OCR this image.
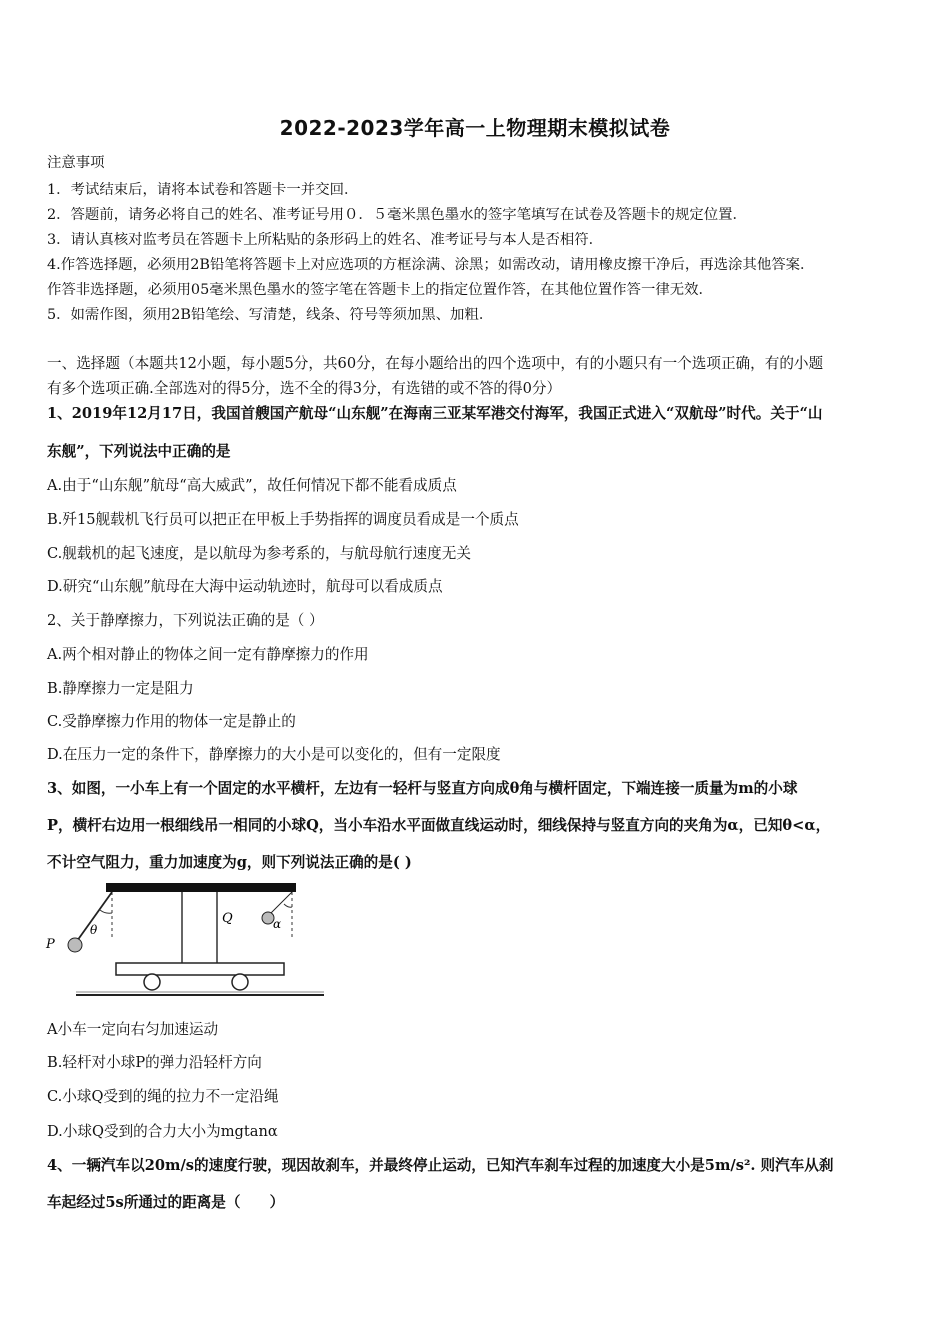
2022-2023学年高一上物理期末模拟试卷
注意事项
1．考试结束后，请将本试卷和答题卡一并交回．
2．答题前，请务必将自己的姓名、准考证号用０．５毫米黑色墨水的签字笔填写在试卷及答题卡的规定位置．
3．请认真核对监考员在答题卡上所粘贴的条形码上的姓名、准考证号与本人是否相符．
4.作答选择题，必须用2B铅笔将答题卡上对应选项的方框涂满、涂黑；如需改动，请用橡皮擦干净后，再选涂其他答案．
作答非选择题，必须用05毫米黑色墨水的签字笔在答题卡上的指定位置作答，在其他位置作答一律无效．
5．如需作图，须用2B铅笔绘、写清楚，线条、符号等须加黑、加粗．
一、选择题（本题共12小题，每小题5分，共60分，在每小题给出的四个选项中，有的小题只有一个选项正确，有的小题
有多个选项正确.全部选对的得5分，选不全的得3分，有选错的或不答的得0分）
1、2019年12月17日，我国首艘国产航母“山东舰”在海南三亚某军港交付海军，我国正式进入“双航母”时代。关于“山
东舰”，下列说法中正确的是
A.由于“山东舰”航母“高大威武”，故任何情况下都不能看成质点
B.歼15舰载机飞行员可以把正在甲板上手势指挥的调度员看成是一个质点
C.舰载机的起飞速度，是以航母为参考系的，与航母航行速度无关
D.研究“山东舰”航母在大海中运动轨迹时，航母可以看成质点
2、关于静摩擦力，下列说法正确的是（ ）
A.两个相对静止的物体之间一定有静摩擦力的作用
B.静摩擦力一定是阻力
C.受静摩擦力作用的物体一定是静止的
D.在压力一定的条件下，静摩擦力的大小是可以变化的，但有一定限度
3、如图，一小车上有一个固定的水平横杆，左边有一轻杆与竖直方向成θ角与横杆固定，下端连接一质量为m的小球
P，横杆右边用一根细线吊一相同的小球Q，当小车沿水平面做直线运动时，细线保持与竖直方向的夹角为α，已知θ<α，
不计空气阻力，重力加速度为g，则下列说法正确的是( )
P
θ
Q	α
A小车一定向右匀加速运动
B.轻杆对小球P的弹力沿轻杆方向
C.小球Q受到的绳的拉力不一定沿绳
D.小球Q受到的合力大小为mgtanα
4、一辆汽车以20m/s的速度行驶，现因故刹车，并最终停止运动，已知汽车刹车过程的加速度大小是5m/s². 则汽车从刹
车起经过5s所通过的距离是（　　）
